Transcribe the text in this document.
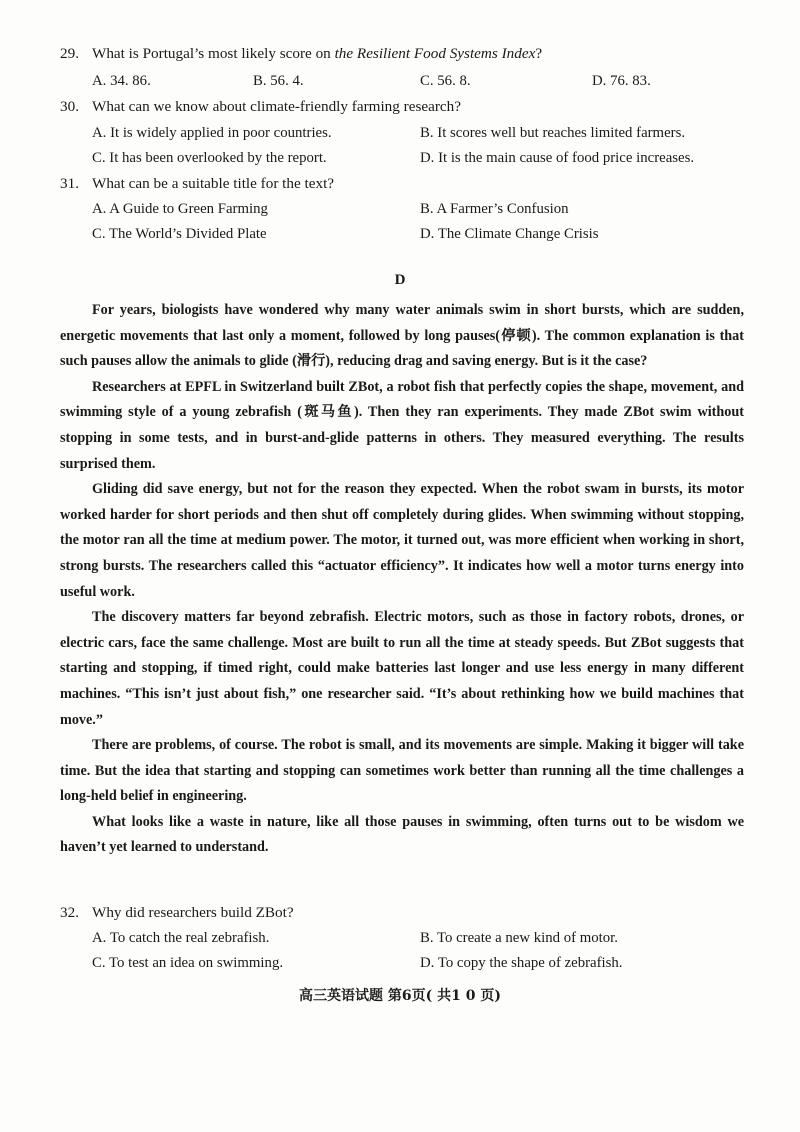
29. What is Portugal’s most likely score on the Resilient Food Systems Index?
A. 34. 86.	B. 56. 4.	C. 56. 8.	D. 76. 83.
30. What can we know about climate-friendly farming research?
A. It is widely applied in poor countries.	B. It scores well but reaches limited farmers.
C. It has been overlooked by the report.	D. It is the main cause of food price increases.
31. What can be a suitable title for the text?
A. A Guide to Green Farming	B. A Farmer’s Confusion
C. The World’s Divided Plate	D. The Climate Change Crisis
D

For years, biologists have wondered why many water animals swim in short bursts, which are sudden, energetic movements that last only a moment, followed by long pauses(停顿). The common explanation is that such pauses allow the animals to glide (滑行), reducing drag and saving energy. But is it the case?

Researchers at EPFL in Switzerland built ZBot, a robot fish that perfectly copies the shape, movement, and swimming style of a young zebrafish (斑马鱼). Then they ran experiments. They made ZBot swim without stopping in some tests, and in burst-and-glide patterns in others. They measured everything. The results surprised them.

Gliding did save energy, but not for the reason they expected. When the robot swam in bursts, its motor worked harder for short periods and then shut off completely during glides. When swimming without stopping, the motor ran all the time at medium power. The motor, it turned out, was more efficient when working in short, strong bursts. The researchers called this “actuator efficiency”. It indicates how well a motor turns energy into useful work.

The discovery matters far beyond zebrafish. Electric motors, such as those in factory robots, drones, or electric cars, face the same challenge. Most are built to run all the time at steady speeds. But ZBot suggests that starting and stopping, if timed right, could make batteries last longer and use less energy in many different machines. “This isn’t just about fish,” one researcher said. “It’s about rethinking how we build machines that move.”

There are problems, of course. The robot is small, and its movements are simple. Making it bigger will take time. But the idea that starting and stopping can sometimes work better than running all the time challenges a long-held belief in engineering.

What looks like a waste in nature, like all those pauses in swimming, often turns out to be wisdom we haven’t yet learned to understand.

32. Why did researchers build ZBot?
A. To catch the real zebrafish.	B. To create a new kind of motor.
C. To test an idea on swimming.	D. To copy the shape of zebrafish.
高三英语试题 第6页( 共1 0 页)
